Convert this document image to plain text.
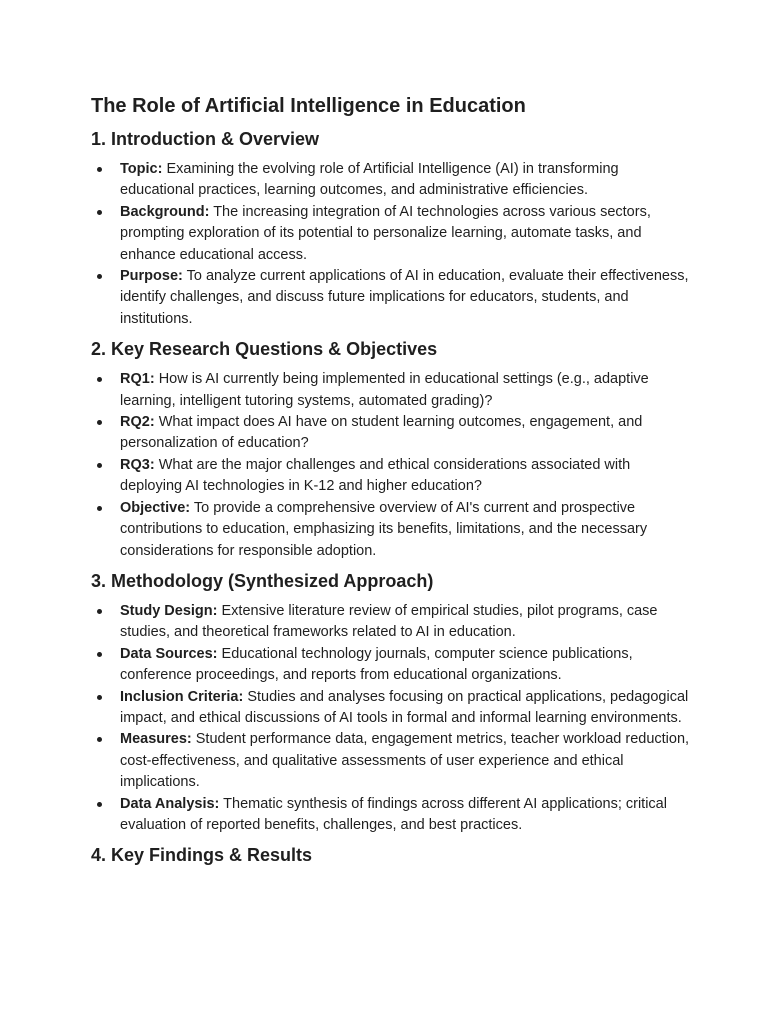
The Role of Artificial Intelligence in Education
1. Introduction & Overview
Topic: Examining the evolving role of Artificial Intelligence (AI) in transforming educational practices, learning outcomes, and administrative efficiencies.
Background: The increasing integration of AI technologies across various sectors, prompting exploration of its potential to personalize learning, automate tasks, and enhance educational access.
Purpose: To analyze current applications of AI in education, evaluate their effectiveness, identify challenges, and discuss future implications for educators, students, and institutions.
2. Key Research Questions & Objectives
RQ1: How is AI currently being implemented in educational settings (e.g., adaptive learning, intelligent tutoring systems, automated grading)?
RQ2: What impact does AI have on student learning outcomes, engagement, and personalization of education?
RQ3: What are the major challenges and ethical considerations associated with deploying AI technologies in K-12 and higher education?
Objective: To provide a comprehensive overview of AI's current and prospective contributions to education, emphasizing its benefits, limitations, and the necessary considerations for responsible adoption.
3. Methodology (Synthesized Approach)
Study Design: Extensive literature review of empirical studies, pilot programs, case studies, and theoretical frameworks related to AI in education.
Data Sources: Educational technology journals, computer science publications, conference proceedings, and reports from educational organizations.
Inclusion Criteria: Studies and analyses focusing on practical applications, pedagogical impact, and ethical discussions of AI tools in formal and informal learning environments.
Measures: Student performance data, engagement metrics, teacher workload reduction, cost-effectiveness, and qualitative assessments of user experience and ethical implications.
Data Analysis: Thematic synthesis of findings across different AI applications; critical evaluation of reported benefits, challenges, and best practices.
4. Key Findings & Results
